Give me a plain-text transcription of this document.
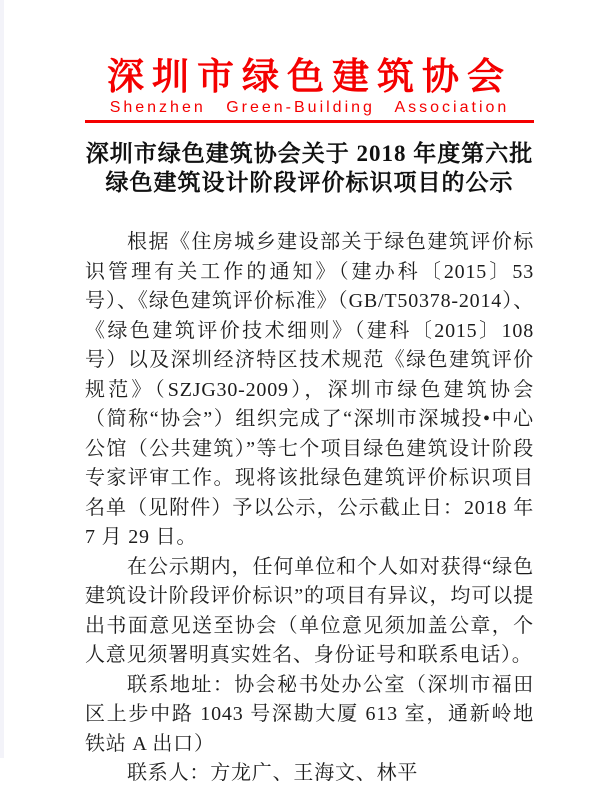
深圳市绿色建筑协会
Shenzhen Green-Building Association
深圳市绿色建筑协会关于 2018 年度第六批
绿色建筑设计阶段评价标识项目的公示

根据《住房城乡建设部关于绿色建筑评价标识管理有关工作的通知》（建办科〔2015〕53 号）、《绿色建筑评价标准》（GB/T50378-2014）、《绿色建筑评价技术细则》（建科〔2015〕108 号）以及深圳经济特区技术规范《绿色建筑评价规范》（SZJG30-2009），深圳市绿色建筑协会（简称“协会”）组织完成了“深圳市深城投•中心公馆（公共建筑）”等七个项目绿色建筑设计阶段专家评审工作。现将该批绿色建筑评价标识项目名单（见附件）予以公示，公示截止日：2018 年 7 月 29 日。

在公示期内，任何单位和个人如对获得“绿色建筑设计阶段评价标识”的项目有异议，均可以提出书面意见送至协会（单位意见须加盖公章，个人意见须署明真实姓名、身份证号和联系电话）。

联系地址：协会秘书处办公室（深圳市福田区上步中路 1043 号深勘大厦 613 室，通新岭地铁站 A 出口）

联系人：方龙广、王海文、林平
